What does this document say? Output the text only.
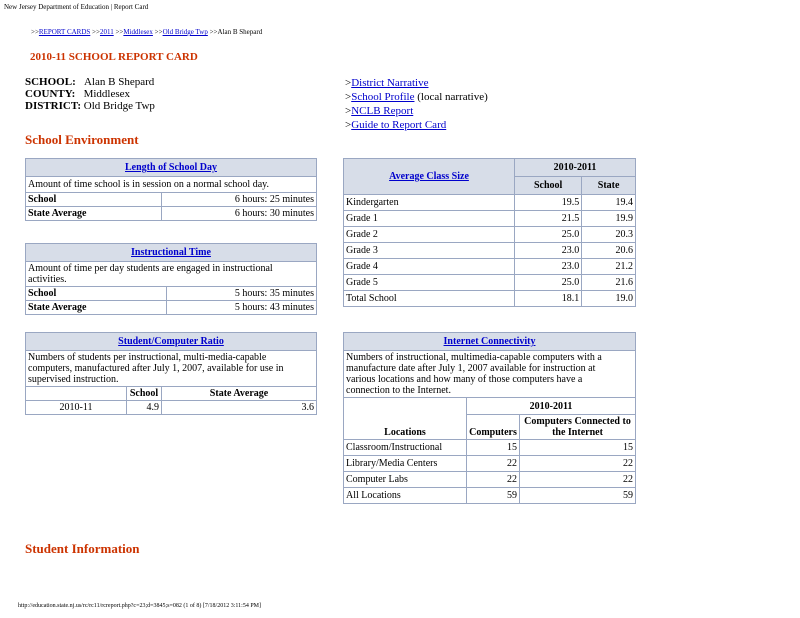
New Jersey Department of Education | Report Card
>>REPORT CARDS >>2011 >>Middlesex >>Old Bridge Twp >>Alan B Shepard
2010-11 SCHOOL REPORT CARD
SCHOOL: Alan B Shepard
COUNTY: Middlesex
DISTRICT: Old Bridge Twp
>District Narrative
>School Profile (local narrative)
>NCLB Report
>Guide to Report Card
School Environment
Length of School Day	
Amount of time school is in session on a normal school day.	
School	6 hours: 25 minutes
State Average	6 hours: 30 minutes
Instructional Time	
Amount of time per day students are engaged in instructional activities.	
School	5 hours: 35 minutes
State Average	5 hours: 43 minutes
Student/Computer Ratio		
Numbers of students per instructional, multi-media-capable computers, manufactured after July 1, 2007, available for use in supervised instruction.		
	School	State Average
2010-11	4.9	3.6
Average Class Size	2010-2011	
	School	State
Kindergarten	19.5	19.4
Grade 1	21.5	19.9
Grade 2	25.0	20.3
Grade 3	23.0	20.6
Grade 4	23.0	21.2
Grade 5	25.0	21.6
Total School	18.1	19.0
Internet Connectivity		
Numbers of instructional, multimedia-capable computers with a manufacture date after July 1, 2007 available for instruction at various locations and how many of those computers have a connection to the Internet.		
Locations	2010-2011	
	Computers	Computers Connected to the Internet
Classroom/Instructional	15	15
Library/Media Centers	22	22
Computer Labs	22	22
All Locations	59	59
Student Information
http://education.state.nj.us/rc/rc11/rcreport.php?c=23;d=3845;s=082 (1 of 8) [7/18/2012 3:11:54 PM]
